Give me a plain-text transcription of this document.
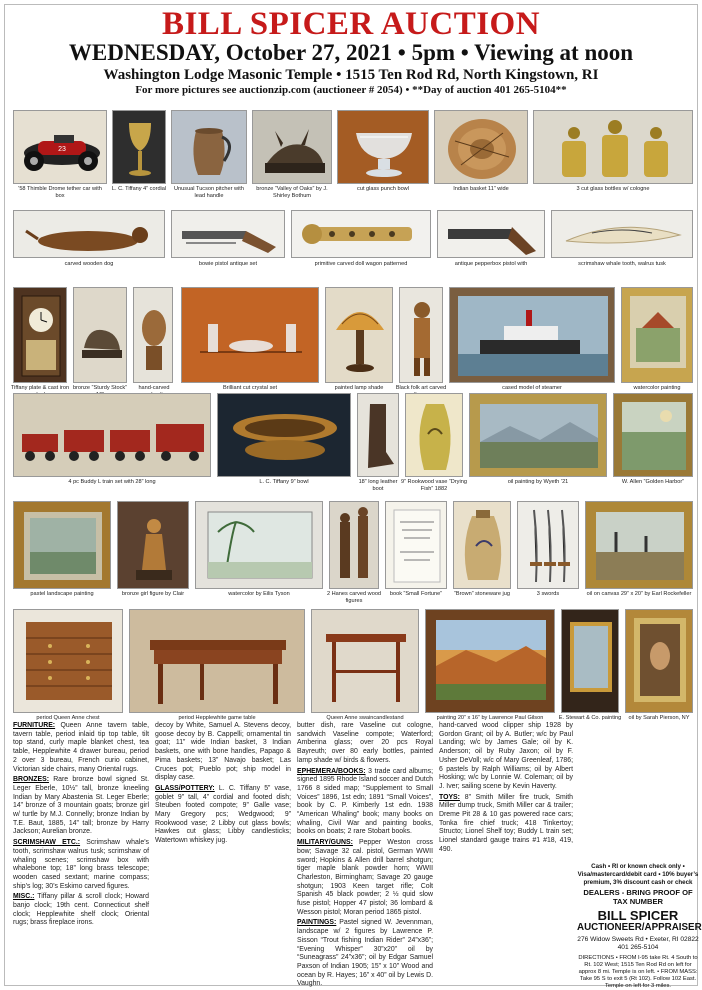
BILL SPICER AUCTION
WEDNESDAY, October 27, 2021 • 5pm • Viewing at noon
Washington Lodge Masonic Temple • 1515 Ten Rod Rd, North Kingstown, RI
For more pictures see auctionzip.com (auctioneer # 2054) • **Day of auction 401 265-5104**
23
’58 Thimble Drome tether car with box
L. C. Tiffany 4” cordial	Unusual Tucson pitcher with lead handle
bronze “Valley of Oaks” by J. Shirley Bothum
cut glass punch bowl	Indian basket 11” wide	3 cut glass bottles w/ cologne
carved wooden dog	bowie pistol antique set	primitive carved doll wagon patterned	antique pepperbox pistol with	scrimshaw whale tooth, walrus tusk
Tiffany plate & cast iron bronze “Sturdy Stock”	hand-carved	Brilliant cut crystal set	painted lamp shade	Black folk art carved	cased model of steamer	watercolor painting
4 pc Buddy L train set with 28” long	L. C. Tiffany 9” bowl	18” long leather boot
9” Rookwood vase “Drying Fish” 1882
oil painting by Wyeth ’21	W. Allen “Golden Harbor”
pastel landscape painting	bronze girl figure by Clair	watercolor by Eilis Tyson	2 Hanes carved wood figures
book “Small Fortune”	“Brown” stoneware jug	3 swords	oil on canvas 29” x 20” by Earl Rockefeller
period Queen Anne chest	period Hepplewhite game table	Queen Anne swaincandlestand	painting 20” x 16” by Lawrence Paul Gilson	E. Stewart & Co. painting	oil by Sarah Pierson, NY

FURNITURE: Queen Anne tavern table, tavern table, period inlaid tip top table, tilt top stand, curly maple blanket chest, tea table, Hepplewhite 4 drawer bureau, period 2 over 3 bureau, French curio cabinet, Victorian side chairs, many Oriental rugs.

BRONZES: Rare bronze bowl signed St. Leger Eberle, 10½” tall, bronze kneeling Indian by Mary Abastenia St. Leger Eberle; 14” bronze of 3 mountain goats; bronze girl w/ turtle by M.J. Connelly; bronze Indian by T.E. Baut, 1885, 14” tall; bronze by Harry Jackson; Aurelian bronze.

SCRIMSHAW ETC.: Scrimshaw whale’s tooth, scrimshaw walrus tusk; scrimshaw of whaling scenes; scrimshaw box with whalebone top; 18” long brass telescope; wooden cased sextant; marine compass; ship’s log; 30’s Eskimo carved figures.

MISC.: Tiffany pillar & scroll clock; Howard banjo clock; 19th cent. Connecticut shelf clock; Hepplewhite shelf clock; Oriental rugs; brass fireplace irons.

decoy by White, Samuel A. Stevens decoy, goose decoy by B. Cappelli; ornamental tin goat; 11” wide Indian basket, 3 Indian baskets, one with bone handles, Papago & Pima baskets; 13” Navajo basket; Las Cruces pot; Pueblo pot; ship model in display case.

GLASS/POTTERY: L. C. Tiffany 5” vase, goblet 9” tall, 4” cordial and footed dish; Steuben footed compote; 9” Galle vase; Mary Gregory pcs; Wedgwood; 9” Rookwood vase; 2 Libby cut glass bowls; Hawkes cut glass; Libby candlesticks; Watertown whiskey jug.

butter dish, rare Vaseline cut cologne, sandwich Vaseline compote; Waterford; Amberina glass; over 20 pcs Royal Bayreuth; over 80 early bottles, painted lamp shade w/ birds & flowers.

EPHEMERA/BOOKS: 3 trade card albums; signed 1895 Rhode Island soccer and Dutch 1766 8 sided map; “Supplement to Small Voices” 1896, 1st edn; 1891 “Small Voices”, book by C. P. Kimberly 1st edn. 1938 “American Whaling” book; many books on whaling, Civil War and painting books, books on boats; 2 rare Stobart books.

MILITARY/GUNS: Pepper Weston cross bow; Savage 32 cal. pistol, German WWII sword; Hopkins & Allen drill barrel shotgun; tiger maple blank powder horn; WWII Charleston, Birmingham; Savage 20 gauge shotgun; 1903 Keen target rifle; Colt Spanish 45 black powder; 2 ½ quid slow fuse pistol; Hopper 47 pistol; 36 lombard & Wesson pistol; Moran period 1865 pistol.

PAINTINGS: Pastel signed W. Jevennman, landscape w/ 2 figures by Lawrence P. Sisson “Trout fishing Indian Rider” 24”x36”; “Evening Whisper” 30”x20” oil by “Suneagrass” 24”x36”; oil by Edgar Samuel Paxson of Indian 1905; 15” x 10” Wood and ocean by R. Hayes; 16” x 40” oil by Lewis D. Vaughn.

hand-carved wood clipper ship 1928 by Gordon Grant; oil by A. Butler; w/c by Paul Landing; w/c by James Gale; oil by K. Anderson; oil by Ruby Jaxon; oil by F. Usher DeVoll; w/c of Mary Greenleaf, 1786; 6 pastels by Ralph Williams; oil by Albert Hosking; w/c by Lonnie W. Coleman; oil by J. Iver; sailing scene by Kevin Haverty.

TOYS: 8” Smith Miller fire truck, Smith Miller dump truck, Smith Miller car & trailer; Dreme Pit 28 & 10 gas powered race cars; Tonka fire chief truck; 418 Tinkertoy; Structo; Lionel Shelf toy; Buddy L train set; Lionel standard gauge trains #1 #18, 419, 490.

Cash • RI or known check only • Visa/mastercard/debit card • 10% buyer’s premium, 3% discount cash or check
DEALERS - BRING PROOF OF TAX NUMBER
BILL SPICER
AUCTIONEER/APPRAISER
276 Widow Sweets Rd • Exeter, RI 02822 401 265-5104
DIRECTIONS • FROM I-95 take Rt. 4 South to Rt. 102 West; 1515 Ten Rod Rd on left for approx 8 mi. Temple is on left. • FROM MASS: Take 95 S to exit 5 (Rt 102). Follow 102 East. Temple on left for 3 miles.
